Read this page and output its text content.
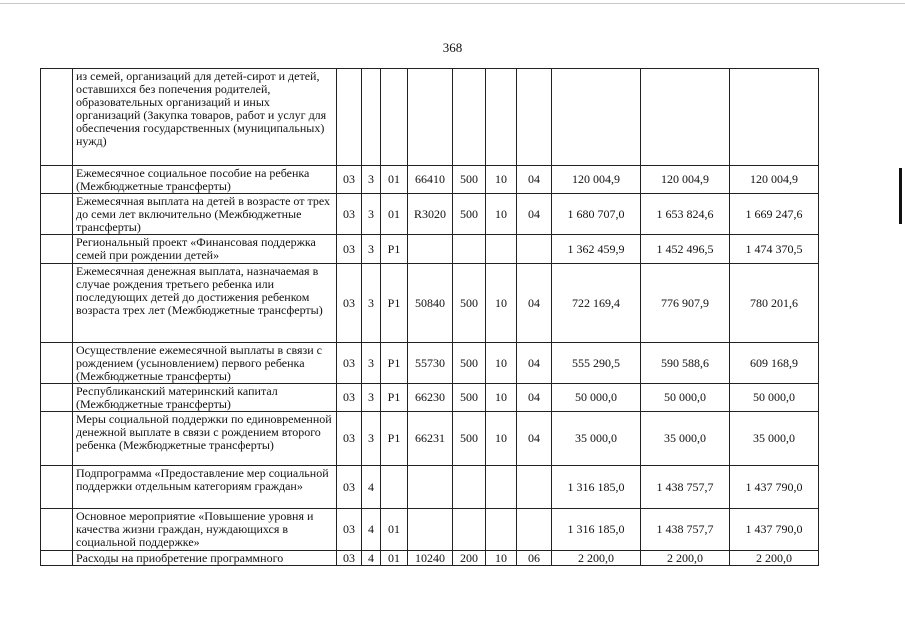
368
	из семей, организаций для детей-сирот и детей, оставшихся без попечения родителей, образовательных организаций и иных организаций (Закупка товаров, работ и услуг для обеспечения государственных (муниципальных) нужд)										
	Ежемесячное социальное пособие на ребенка (Межбюджетные трансферты)	03	3	01	66410	500	10	04	120 004,9	120 004,9	120 004,9
	Ежемесячная выплата на детей в возрасте от трех до семи лет включительно (Межбюджетные трансферты)	03	3	01	R3020	500	10	04	1 680 707,0	1 653 824,6	1 669 247,6
	Региональный проект «Финансовая поддержка семей при рождении детей»	03	3	P1					1 362 459,9	1 452 496,5	1 474 370,5
	Ежемесячная денежная выплата, назначаемая в случае рождения третьего ребенка или последующих детей до достижения ребенком возраста трех лет (Межбюджетные трансферты)	03	3	P1	50840	500	10	04	722 169,4	776 907,9	780 201,6
	Осуществление ежемесячной выплаты в связи с рождением (усыновлением) первого ребенка (Межбюджетные трансферты)	03	3	P1	55730	500	10	04	555 290,5	590 588,6	609 168,9
	Республиканский материнский капитал (Межбюджетные трансферты)	03	3	P1	66230	500	10	04	50 000,0	50 000,0	50 000,0
	Меры социальной поддержки по единовременной денежной выплате в связи с рождением второго ребенка (Межбюджетные трансферты)	03	3	P1	66231	500	10	04	35 000,0	35 000,0	35 000,0
	Подпрограмма «Предоставление мер социальной поддержки отдельным категориям граждан»	03	4						1 316 185,0	1 438 757,7	1 437 790,0
	Основное мероприятие «Повышение уровня и качества жизни граждан, нуждающихся в социальной поддержке»	03	4	01					1 316 185,0	1 438 757,7	1 437 790,0
	Расходы на приобретение программного	03	4	01	10240	200	10	06	2 200,0	2 200,0	2 200,0
